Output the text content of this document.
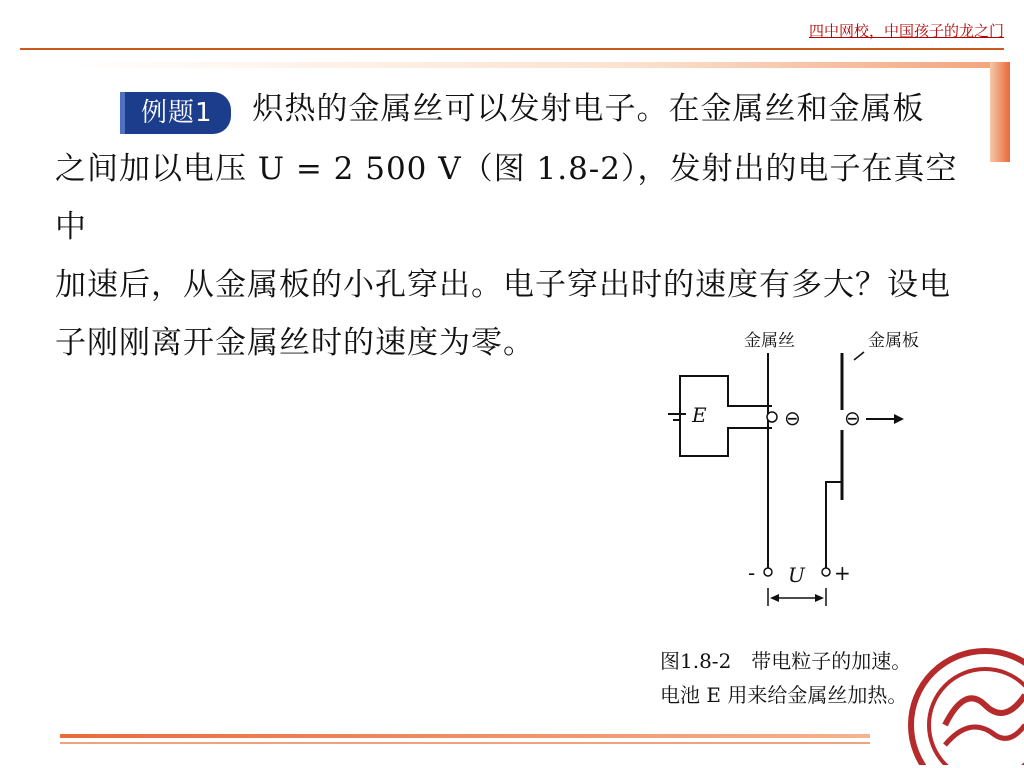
四中网校，中国孩子的龙之门
例题1 炽热的金属丝可以发射电子。在金属丝和金属板
之间加以电压 U = 2 500 V（图 1.8-2），发射出的电子在真空中
加速后，从金属板的小孔穿出。电子穿出时的速度有多大？设电
子刚刚离开金属丝时的速度为零。	金属丝	金属板
E	⊖ ⊖
-	+
U
图1.8-2　带电粒子的加速。
电池 E 用来给金属丝加热。
